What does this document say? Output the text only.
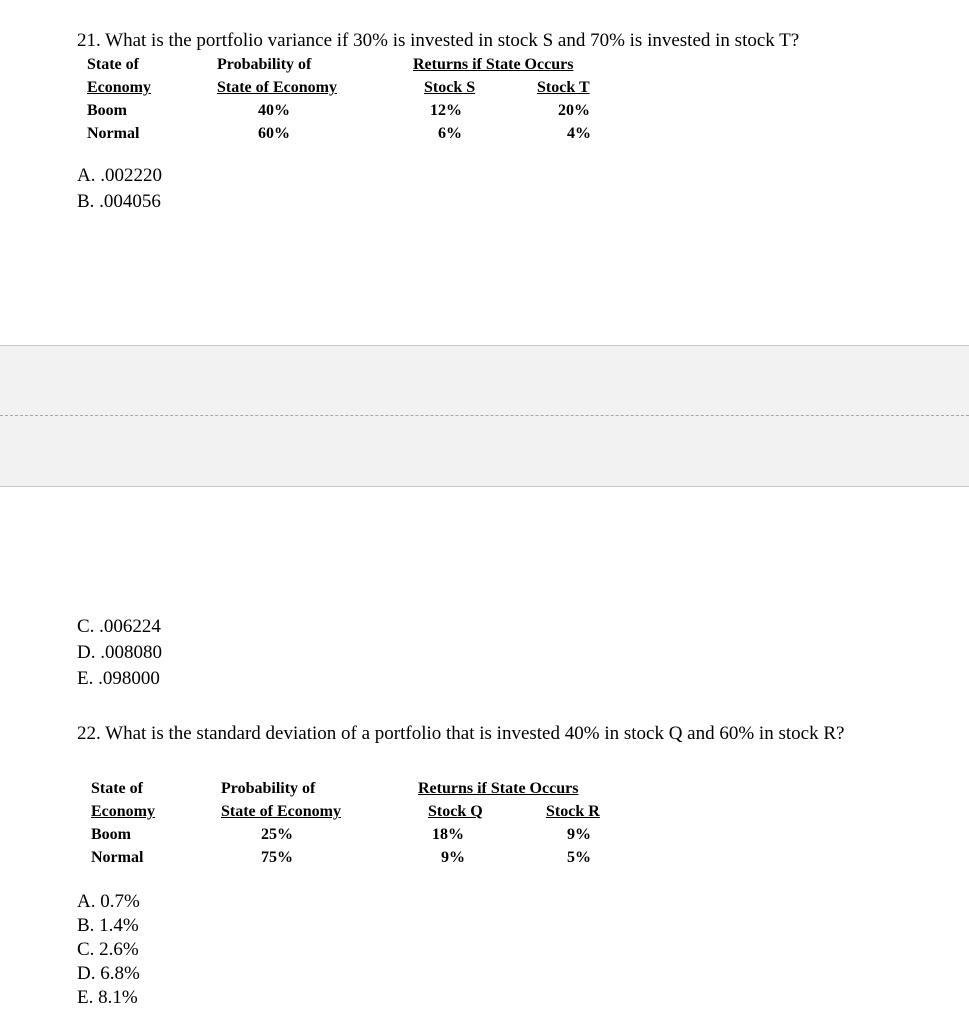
21. What is the portfolio variance if 30% is invested in stock S and 70% is invested in stock T?
State of
Economy
Probability of
State of Economy
Returns if State Occurs
Stock S	Stock T
Boom	40%	12%	20%
Normal	60%	6%	4%
A. .002220
B. .004056
C. .006224
D. .008080
E. .098000
22. What is the standard deviation of a portfolio that is invested 40% in stock Q and 60% in stock R?
State of
Economy
Probability of
State of Economy
Returns if State Occurs
Stock Q	Stock R
Boom	25%	18%	9%
Normal	75%	9%	5%
A. 0.7%
B. 1.4%
C. 2.6%
D. 6.8%
E. 8.1%
